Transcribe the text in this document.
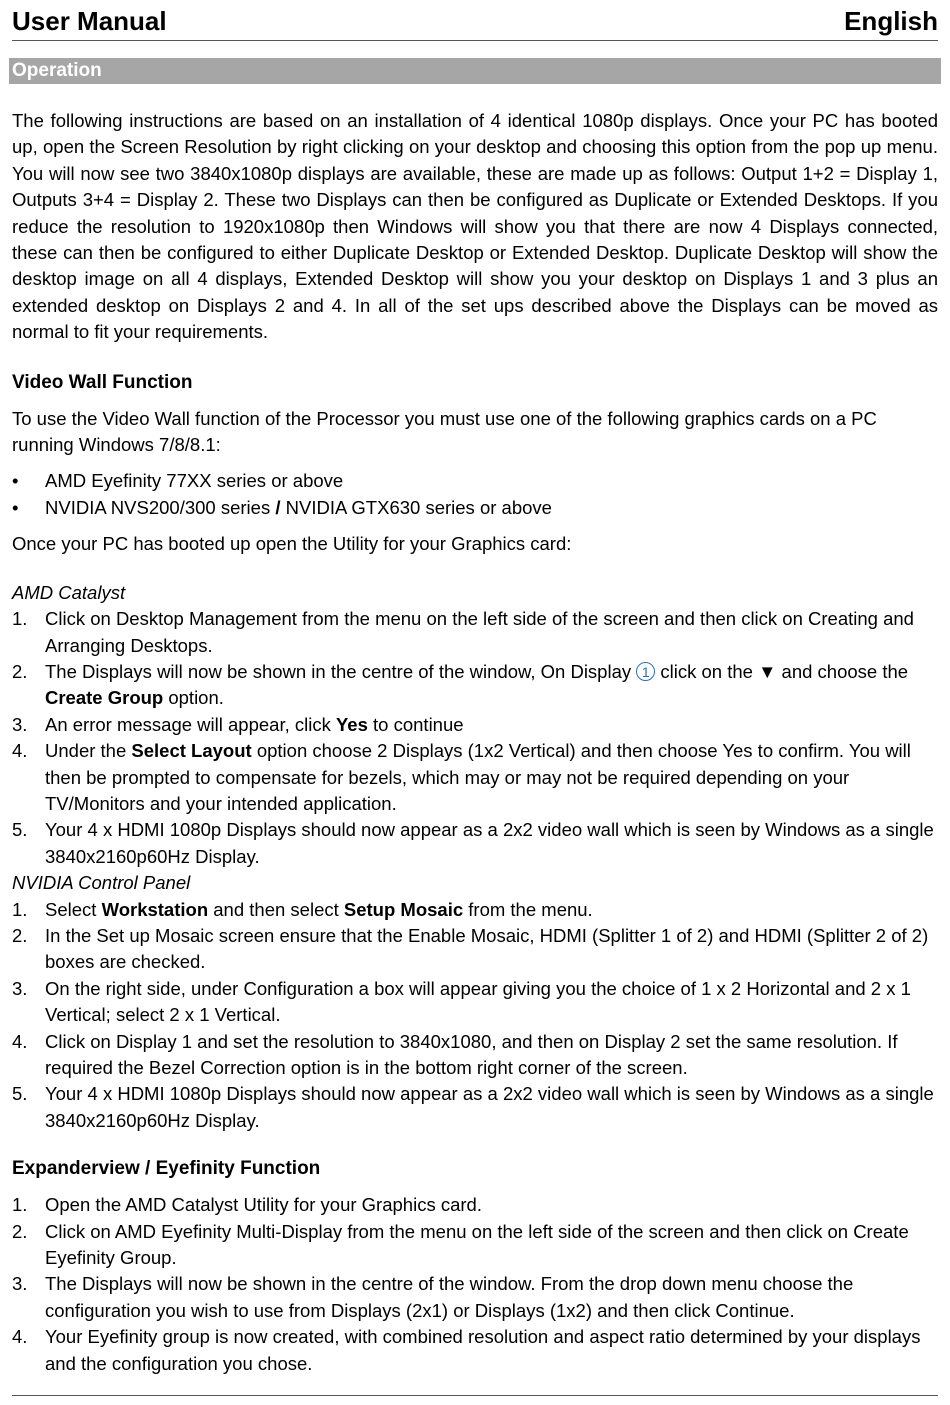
User Manual	English
Operation

The following instructions are based on an installation of 4 identical 1080p displays. Once your PC has booted up, open the Screen Resolution by right clicking on your desktop and choosing this option from the pop up menu. You will now see two 3840x1080p displays are available, these are made up as follows: Output 1+2 = Display 1, Outputs 3+4 = Display 2. These two Displays can then be configured as Duplicate or Extended Desktops. If you reduce the resolution to 1920x1080p then Windows will show you that there are now 4 Displays connected, these can then be configured to either Duplicate Desktop or Extended Desktop. Duplicate Desktop will show the desktop image on all 4 displays, Extended Desktop will show you your desktop on Displays 1 and 3 plus an extended desktop on Displays 2 and 4. In all of the set ups described above the Displays can be moved as normal to fit your requirements.

Video Wall Function

To use the Video Wall function of the Processor you must use one of the following graphics cards on a PC running Windows 7/8/8.1:

• AMD Eyefinity 77XX series or above
• NVIDIA NVS200/300 series / NVIDIA GTX630 series or above

Once your PC has booted up open the Utility for your Graphics card:

AMD Catalyst

1. Click on Desktop Management from the menu on the left side of the screen and then click on Creating and Arranging Desktops.
2. The Displays will now be shown in the centre of the window, On Display 1 click on the ▼ and choose the Create Group option.
3. An error message will appear, click Yes to continue
4. Under the Select Layout option choose 2 Displays (1x2 Vertical) and then choose Yes to confirm. You will then be prompted to compensate for bezels, which may or may not be required depending on your TV/Monitors and your intended application.
5. Your 4 x HDMI 1080p Displays should now appear as a 2x2 video wall which is seen by Windows as a single 3840x2160p60Hz Display.

NVIDIA Control Panel

1. Select Workstation and then select Setup Mosaic from the menu.
2. In the Set up Mosaic screen ensure that the Enable Mosaic, HDMI (Splitter 1 of 2) and HDMI (Splitter 2 of 2) boxes are checked.
3. On the right side, under Configuration a box will appear giving you the choice of 1 x 2 Horizontal and 2 x 1 Vertical; select 2 x 1 Vertical.
4. Click on Display 1 and set the resolution to 3840x1080, and then on Display 2 set the same resolution. If required the Bezel Correction option is in the bottom right corner of the screen.
5. Your 4 x HDMI 1080p Displays should now appear as a 2x2 video wall which is seen by Windows as a single 3840x2160p60Hz Display.
Expanderview / Eyefinity Function
1. Open the AMD Catalyst Utility for your Graphics card.
2. Click on AMD Eyefinity Multi-Display from the menu on the left side of the screen and then click on Create Eyefinity Group.
3. The Displays will now be shown in the centre of the window. From the drop down menu choose the configuration you wish to use from Displays (2x1) or Displays (1x2) and then click Continue.
4. Your Eyefinity group is now created, with combined resolution and aspect ratio determined by your displays and the configuration you chose.
